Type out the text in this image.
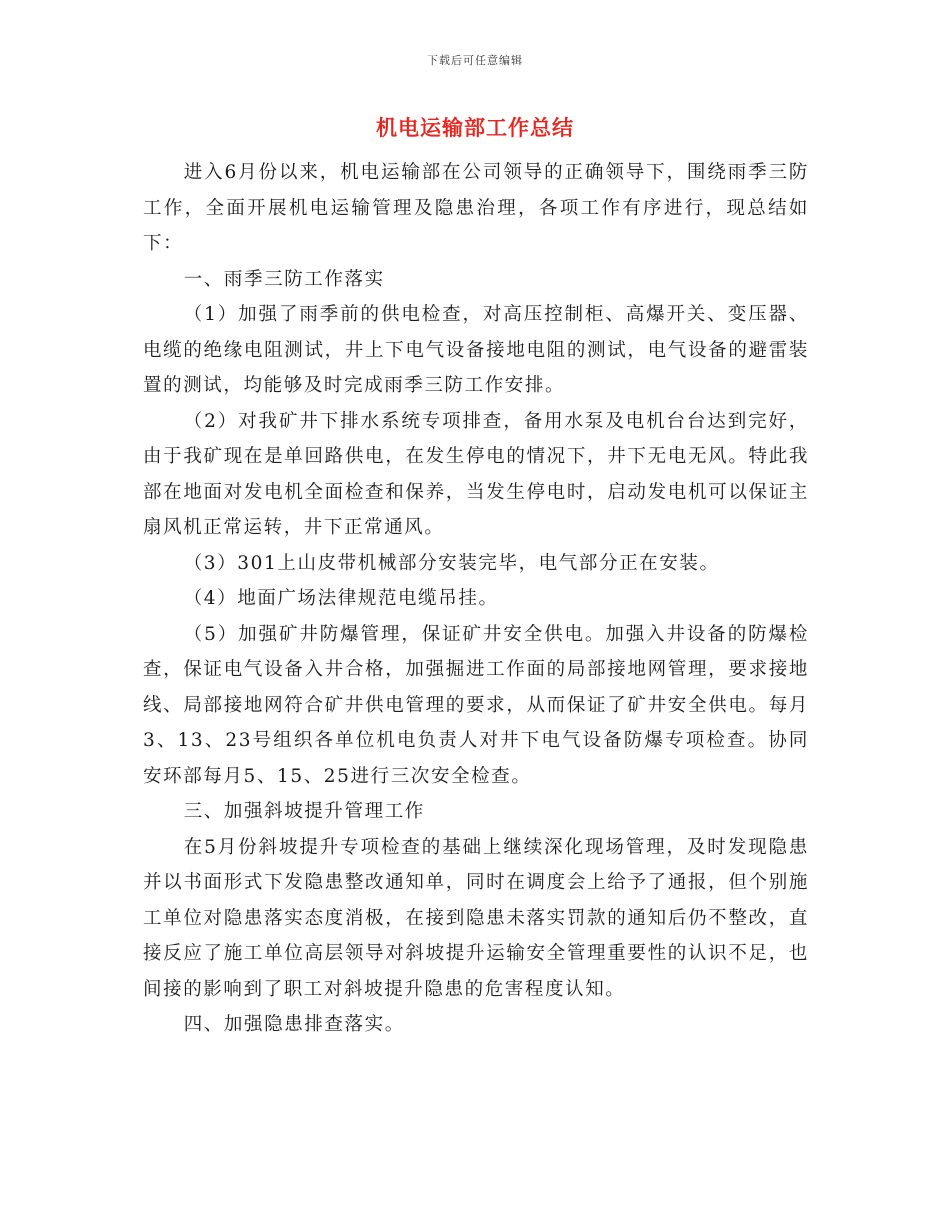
下载后可任意编辑
机电运输部工作总结

进入6月份以来，机电运输部在公司领导的正确领导下，围绕雨季三防工作，全面开展机电运输管理及隐患治理，各项工作有序进行，现总结如下：

一、雨季三防工作落实

（1）加强了雨季前的供电检查，对高压控制柜、高爆开关、变压器、电缆的绝缘电阻测试，井上下电气设备接地电阻的测试，电气设备的避雷装置的测试，均能够及时完成雨季三防工作安排。

（2）对我矿井下排水系统专项排查，备用水泵及电机台台达到完好，由于我矿现在是单回路供电，在发生停电的情况下，井下无电无风。特此我部在地面对发电机全面检查和保养，当发生停电时，启动发电机可以保证主扇风机正常运转，井下正常通风。

（3）301上山皮带机械部分安装完毕，电气部分正在安装。

（4）地面广场法律规范电缆吊挂。

（5）加强矿井防爆管理，保证矿井安全供电。加强入井设备的防爆检查，保证电气设备入井合格，加强掘进工作面的局部接地网管理，要求接地线、局部接地网符合矿井供电管理的要求，从而保证了矿井安全供电。每月3、13、23号组织各单位机电负责人对井下电气设备防爆专项检查。协同安环部每月5、15、25进行三次安全检查。

三、加强斜坡提升管理工作

在5月份斜坡提升专项检查的基础上继续深化现场管理，及时发现隐患并以书面形式下发隐患整改通知单，同时在调度会上给予了通报，但个别施工单位对隐患落实态度消极，在接到隐患未落实罚款的通知后仍不整改，直接反应了施工单位高层领导对斜坡提升运输安全管理重要性的认识不足，也间接的影响到了职工对斜坡提升隐患的危害程度认知。

四、加强隐患排查落实。
